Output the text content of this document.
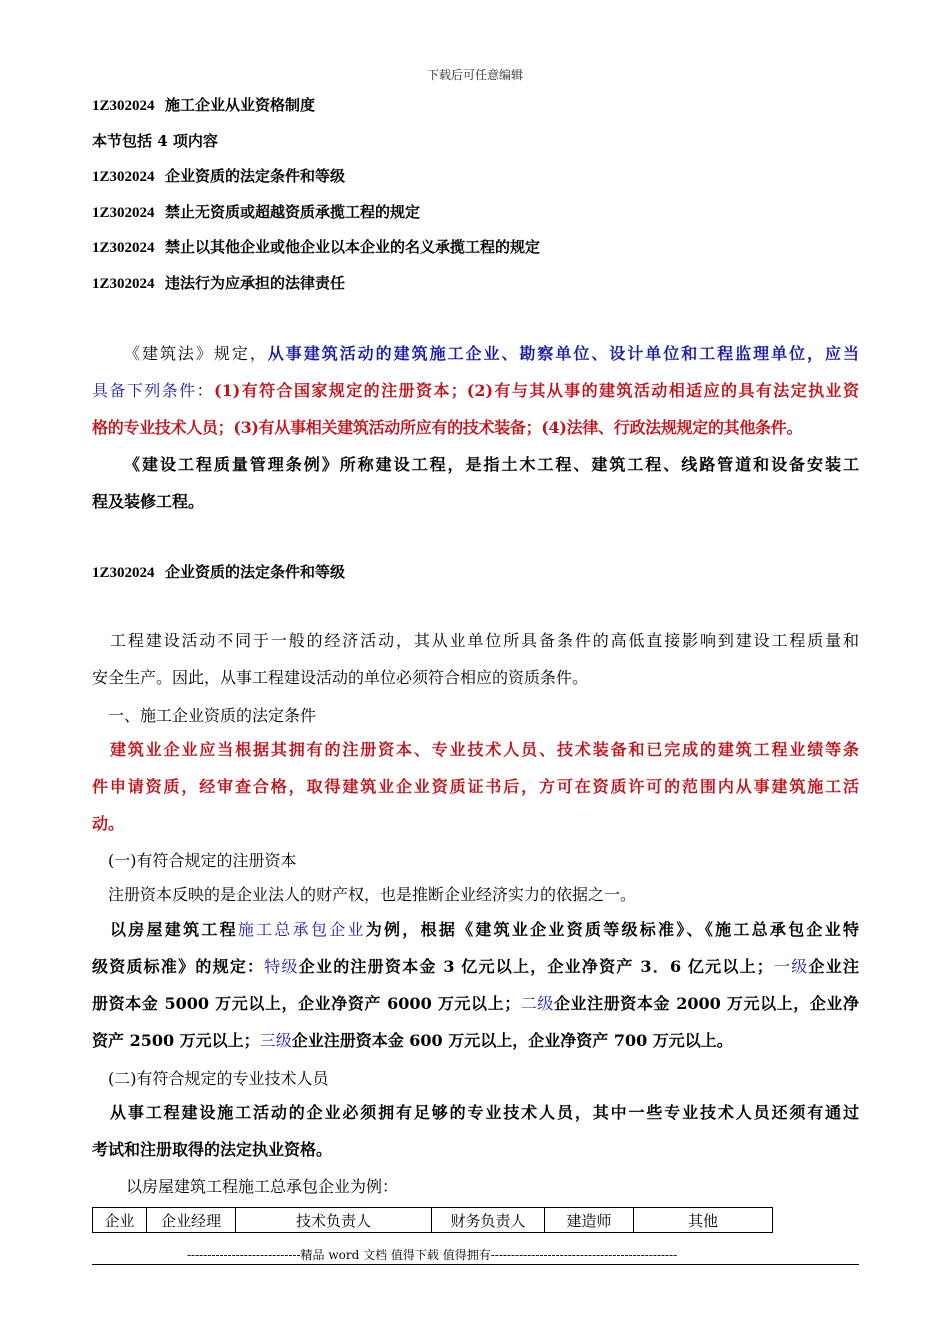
下载后可任意编辑
1Z302024 施工企业从业资格制度
本节包括 4 项内容
1Z302024 企业资质的法定条件和等级
1Z302024 禁止无资质或超越资质承揽工程的规定
1Z302024 禁止以其他企业或他企业以本企业的名义承揽工程的规定
1Z302024 违法行为应承担的法律责任
《建筑法》规定，从事建筑活动的建筑施工企业、勘察单位、设计单位和工程监理单位，应当
具备下列条件：(1)有符合国家规定的注册资本；(2)有与其从事的建筑活动相适应的具有法定执业资
格的专业技术人员；(3)有从事相关建筑活动所应有的技术装备；(4)法律、行政法规规定的其他条件。
《建设工程质量管理条例》所称建设工程，是指土木工程、建筑工程、线路管道和设备安装工
程及装修工程。
1Z302024 企业资质的法定条件和等级
工程建设活动不同于一般的经济活动，其从业单位所具备条件的高低直接影响到建设工程质量和
安全生产。因此，从事工程建设活动的单位必须符合相应的资质条件。
一、施工企业资质的法定条件
建筑业企业应当根据其拥有的注册资本、专业技术人员、技术装备和已完成的建筑工程业绩等条
件申请资质，经审查合格，取得建筑业企业资质证书后，方可在资质许可的范围内从事建筑施工活
动。
(一)有符合规定的注册资本
注册资本反映的是企业法人的财产权，也是推断企业经济实力的依据之一。
以房屋建筑工程施工总承包企业为例，根据《建筑业企业资质等级标准》、《施工总承包企业特
级资质标准》的规定：特级企业的注册资本金 3 亿元以上，企业净资产 3．6 亿元以上；一级企业注
册资本金 5000 万元以上，企业净资产 6000 万元以上；二级企业注册资本金 2000 万元以上，企业净
资产 2500 万元以上；三级企业注册资本金 600 万元以上，企业净资产 700 万元以上。
(二)有符合规定的专业技术人员
从事工程建设施工活动的企业必须拥有足够的专业技术人员，其中一些专业技术人员还须有通过
考试和注册取得的法定执业资格。
以房屋建筑工程施工总承包企业为例：
企业	企业经理	技术负责人	财务负责人	建造师	其他
----------------------------精品 word 文档 值得下载 值得拥有----------------------------------------------
